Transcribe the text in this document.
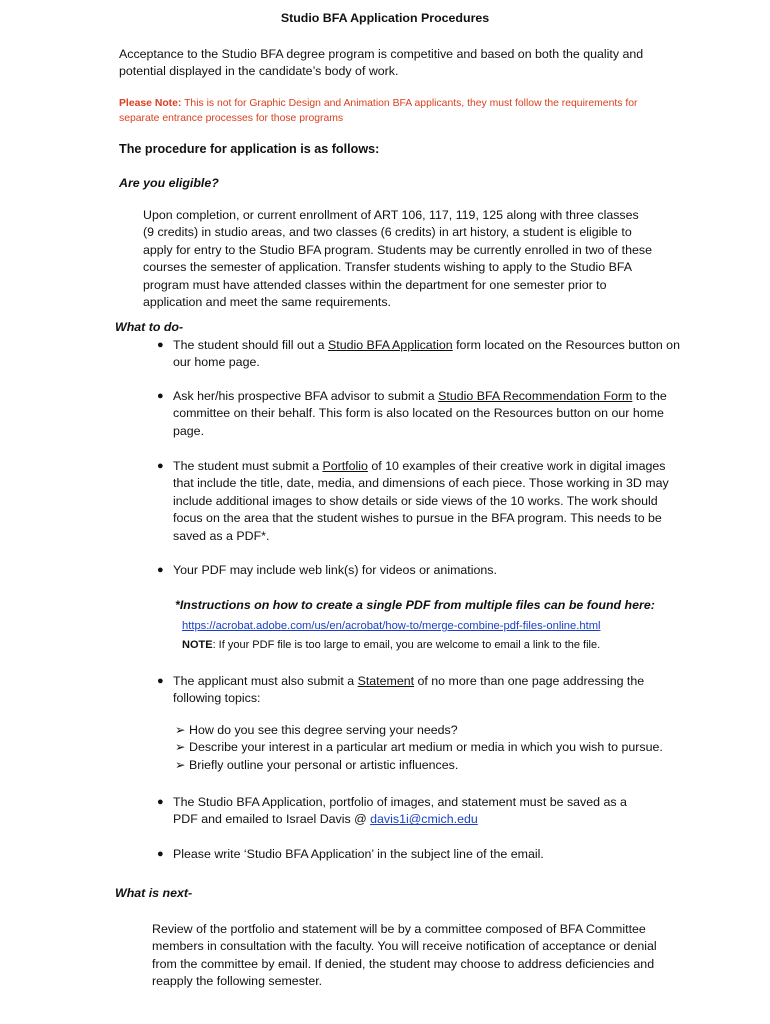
Studio BFA Application Procedures
Acceptance to the Studio BFA degree program is competitive and based on both the quality and potential displayed in the candidate’s body of work.
Please Note: This is not for Graphic Design and Animation BFA applicants, they must follow the requirements for separate entrance processes for those programs
The procedure for application is as follows:
Are you eligible?
Upon completion, or current enrollment of ART 106, 117, 119, 125 along with three classes (9 credits) in studio areas, and two classes (6 credits) in art history, a student is eligible to apply for entry to the Studio BFA program. Students may be currently enrolled in two of these courses the semester of application. Transfer students wishing to apply to the Studio BFA program must have attended classes within the department for one semester prior to application and meet the same requirements.
What to do-
● The student should fill out a Studio BFA Application form located on the Resources button on our home page.
● Ask her/his prospective BFA advisor to submit a Studio BFA Recommendation Form to the committee on their behalf. This form is also located on the Resources button on our home page.
● The student must submit a Portfolio of 10 examples of their creative work in digital images that include the title, date, media, and dimensions of each piece. Those working in 3D may include additional images to show details or side views of the 10 works. The work should focus on the area that the student wishes to pursue in the BFA program. This needs to be saved as a PDF*.
● Your PDF may include web link(s) for videos or animations.
*Instructions on how to create a single PDF from multiple files can be found here:
https://acrobat.adobe.com/us/en/acrobat/how-to/merge-combine-pdf-files-online.html
NOTE: If your PDF file is too large to email, you are welcome to email a link to the file.
● The applicant must also submit a Statement of no more than one page addressing the following topics:
➢ How do you see this degree serving your needs?
➢ Describe your interest in a particular art medium or media in which you wish to pursue.
➢ Briefly outline your personal or artistic influences.
● The Studio BFA Application, portfolio of images, and statement must be saved as a PDF and emailed to Israel Davis @ davis1i@cmich.edu
● Please write ‘Studio BFA Application’ in the subject line of the email.
What is next-
Review of the portfolio and statement will be by a committee composed of BFA Committee members in consultation with the faculty. You will receive notification of acceptance or denial from the committee by email. If denied, the student may choose to address deficiencies and reapply the following semester.
